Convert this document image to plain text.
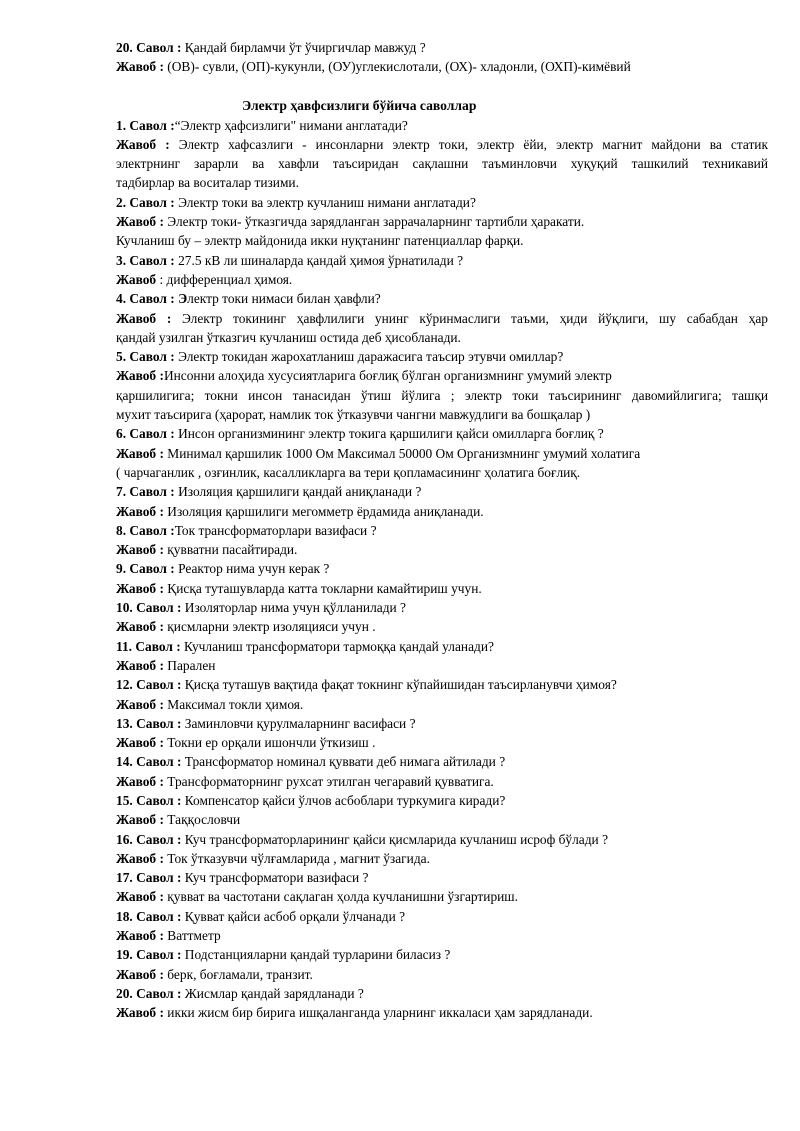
20. Савол : Қандай бирламчи ўт ўчиргичлар мавжуд ?
Жавоб : (ОВ)- сувли, (ОП)-кукунли, (ОУ)углекислотали, (ОХ)- хладонли, (ОХП)-кимёвий
Электр ҳавфсизлиги бўйича саволлар
1. Савол :“Электр ҳафсизлиги" нимани англатади?
Жавоб : Электр хафсазлиги - инсонларни электр токи, электр ёйи, электр магнит майдони ва статик
электрнинг зарарли ва хавфли таъсиридан сақлашни таъминловчи хуқуқий ташкилий техникавий
тадбирлар ва воситалар тизими.
2. Савол : Электр токи ва электр кучланиш нимани англатади?
Жавоб : Электр токи- ўтказгичда зарядланган заррачаларнинг тартибли ҳаракати.
Кучланиш бу – электр майдонида икки нуқтанинг патенциаллар фарқи.
3. Савол : 27.5 кВ ли шиналарда қандай ҳимоя ўрнатилади ?
Жавоб : дифференциал ҳимоя.
4. Савол : Электр токи нимаси билан ҳавфли?
Жавоб : Электр токининг ҳавфлилиги унинг кўринмаслиги таъми, ҳиди йўқлиги, шу сабабдан ҳар
қандай узилган ўтказгич кучланиш остида деб ҳисобланади.
5. Савол : Электр токидан жарохатланиш даражасига таъсир этувчи омиллар?
Жавоб :Инсонни алоҳида хусусиятларига боғлиқ бўлган организмнинг умумий электр
қаршилигига; токни инсон танасидан ўтиш йўлига ; электр токи таъсирининг давомийлигига; ташқи
мухит таъсирига (ҳарорат, намлик ток ўтказувчи чангни мавжудлиги ва бошқалар )
6. Савол : Инсон организмининг электр токига қаршилиги қайси омилларга боғлиқ ?
Жавоб : Минимал қаршилик 1000 Ом Максимал 50000 Ом Организмнинг умумий холатига
( чарчаганлик , озғинлик, касалликларга ва тери қопламасининг ҳолатига боғлиқ.
7. Савол : Изоляция қаршилиги қандай аниқланади ?
Жавоб : Изоляция қаршилиги мегомметр ёрдамида аниқланади.
8. Савол :Ток трансформаторлари вазифаси ?
Жавоб : қувватни пасайтиради.
9. Савол : Реактор нима учун керак ?
Жавоб : Қисқа туташувларда катта токларни камайтириш учун.
10. Савол : Изоляторлар нима учун қўлланилади ?
Жавоб : қисмларни электр изоляцияси учун .
11. Савол : Кучланиш трансформатори тармоққа қандай уланади?
Жавоб : Парален
12. Савол : Қисқа туташув вақтида фақат токнинг кўпайишидан таъсирланувчи ҳимоя?
Жавоб : Максимал токли ҳимоя.
13. Савол : Заминловчи қурулмаларнинг васифаси ?
Жавоб : Токни ер орқали ишончли ўткизиш .
14. Савол : Трансформатор номинал қуввати деб нимага айтилади ?
Жавоб : Трансформаторнинг рухсат этилган чегаравий қувватига.
15. Савол : Компенсатор қайси ўлчов асбоблари туркумига киради?
Жавоб : Таққословчи
16. Савол : Куч трансформаторларининг қайси қисмларида кучланиш исроф бўлади ?
Жавоб : Ток ўтказувчи чўлғамларида , магнит ўзагида.
17. Савол : Куч трансформатори вазифаси ?
Жавоб : қувват ва частотани сақлаган ҳолда кучланишни ўзгартириш.
18. Савол : Қувват қайси асбоб орқали ўлчанади ?
Жавоб : Ваттметр
19. Савол : Подстанцияларни қандай турларини биласиз ?
Жавоб : берк, боғламали, транзит.
20. Савол : Жисмлар қандай зарядланади ?
Жавоб : икки жисм бир бирига ишқаланганда уларнинг иккаласи ҳам зарядланади.
